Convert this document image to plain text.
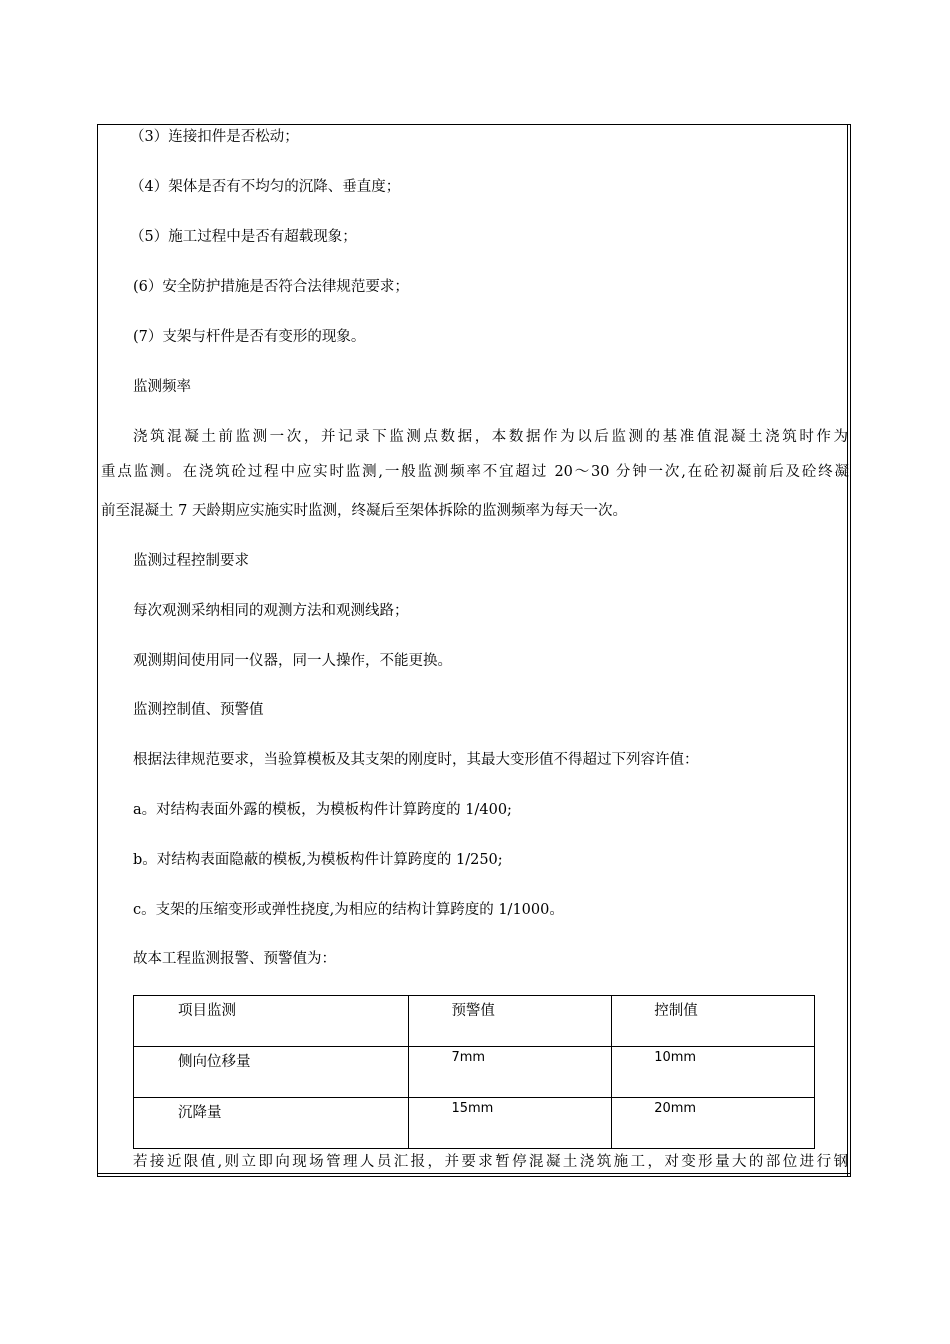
（3）连接扣件是否松动；
（4）架体是否有不均匀的沉降、垂直度；
（5）施工过程中是否有超载现象；
(6）安全防护措施是否符合法律规范要求；
(7）支架与杆件是否有变形的现象。
监测频率
浇筑混凝土前监测一次，并记录下监测点数据，本数据作为以后监测的基准值混凝土浇筑时作为
重点监测。在浇筑砼过程中应实时监测,一般监测频率不宜超过 20～30 分钟一次,在砼初凝前后及砼终凝
前至混凝土 7 天龄期应实施实时监测，终凝后至架体拆除的监测频率为每天一次。
监测过程控制要求
每次观测采纳相同的观测方法和观测线路；
观测期间使用同一仪器，同一人操作，不能更换。
监测控制值、预警值
根据法律规范要求，当验算模板及其支架的刚度时，其最大变形值不得超过下列容许值：
a。对结构表面外露的模板，为模板构件计算跨度的 1/400;
b。对结构表面隐蔽的模板,为模板构件计算跨度的 1/250;
c。支架的压缩变形或弹性挠度,为相应的结构计算跨度的 1/1000。
故本工程监测报警、预警值为：
项目监测	预警值	控制值
侧向位移量	7mm	10mm
沉降量	15mm	20mm
若接近限值,则立即向现场管理人员汇报，并要求暂停混凝土浇筑施工，对变形量大的部位进行钢
